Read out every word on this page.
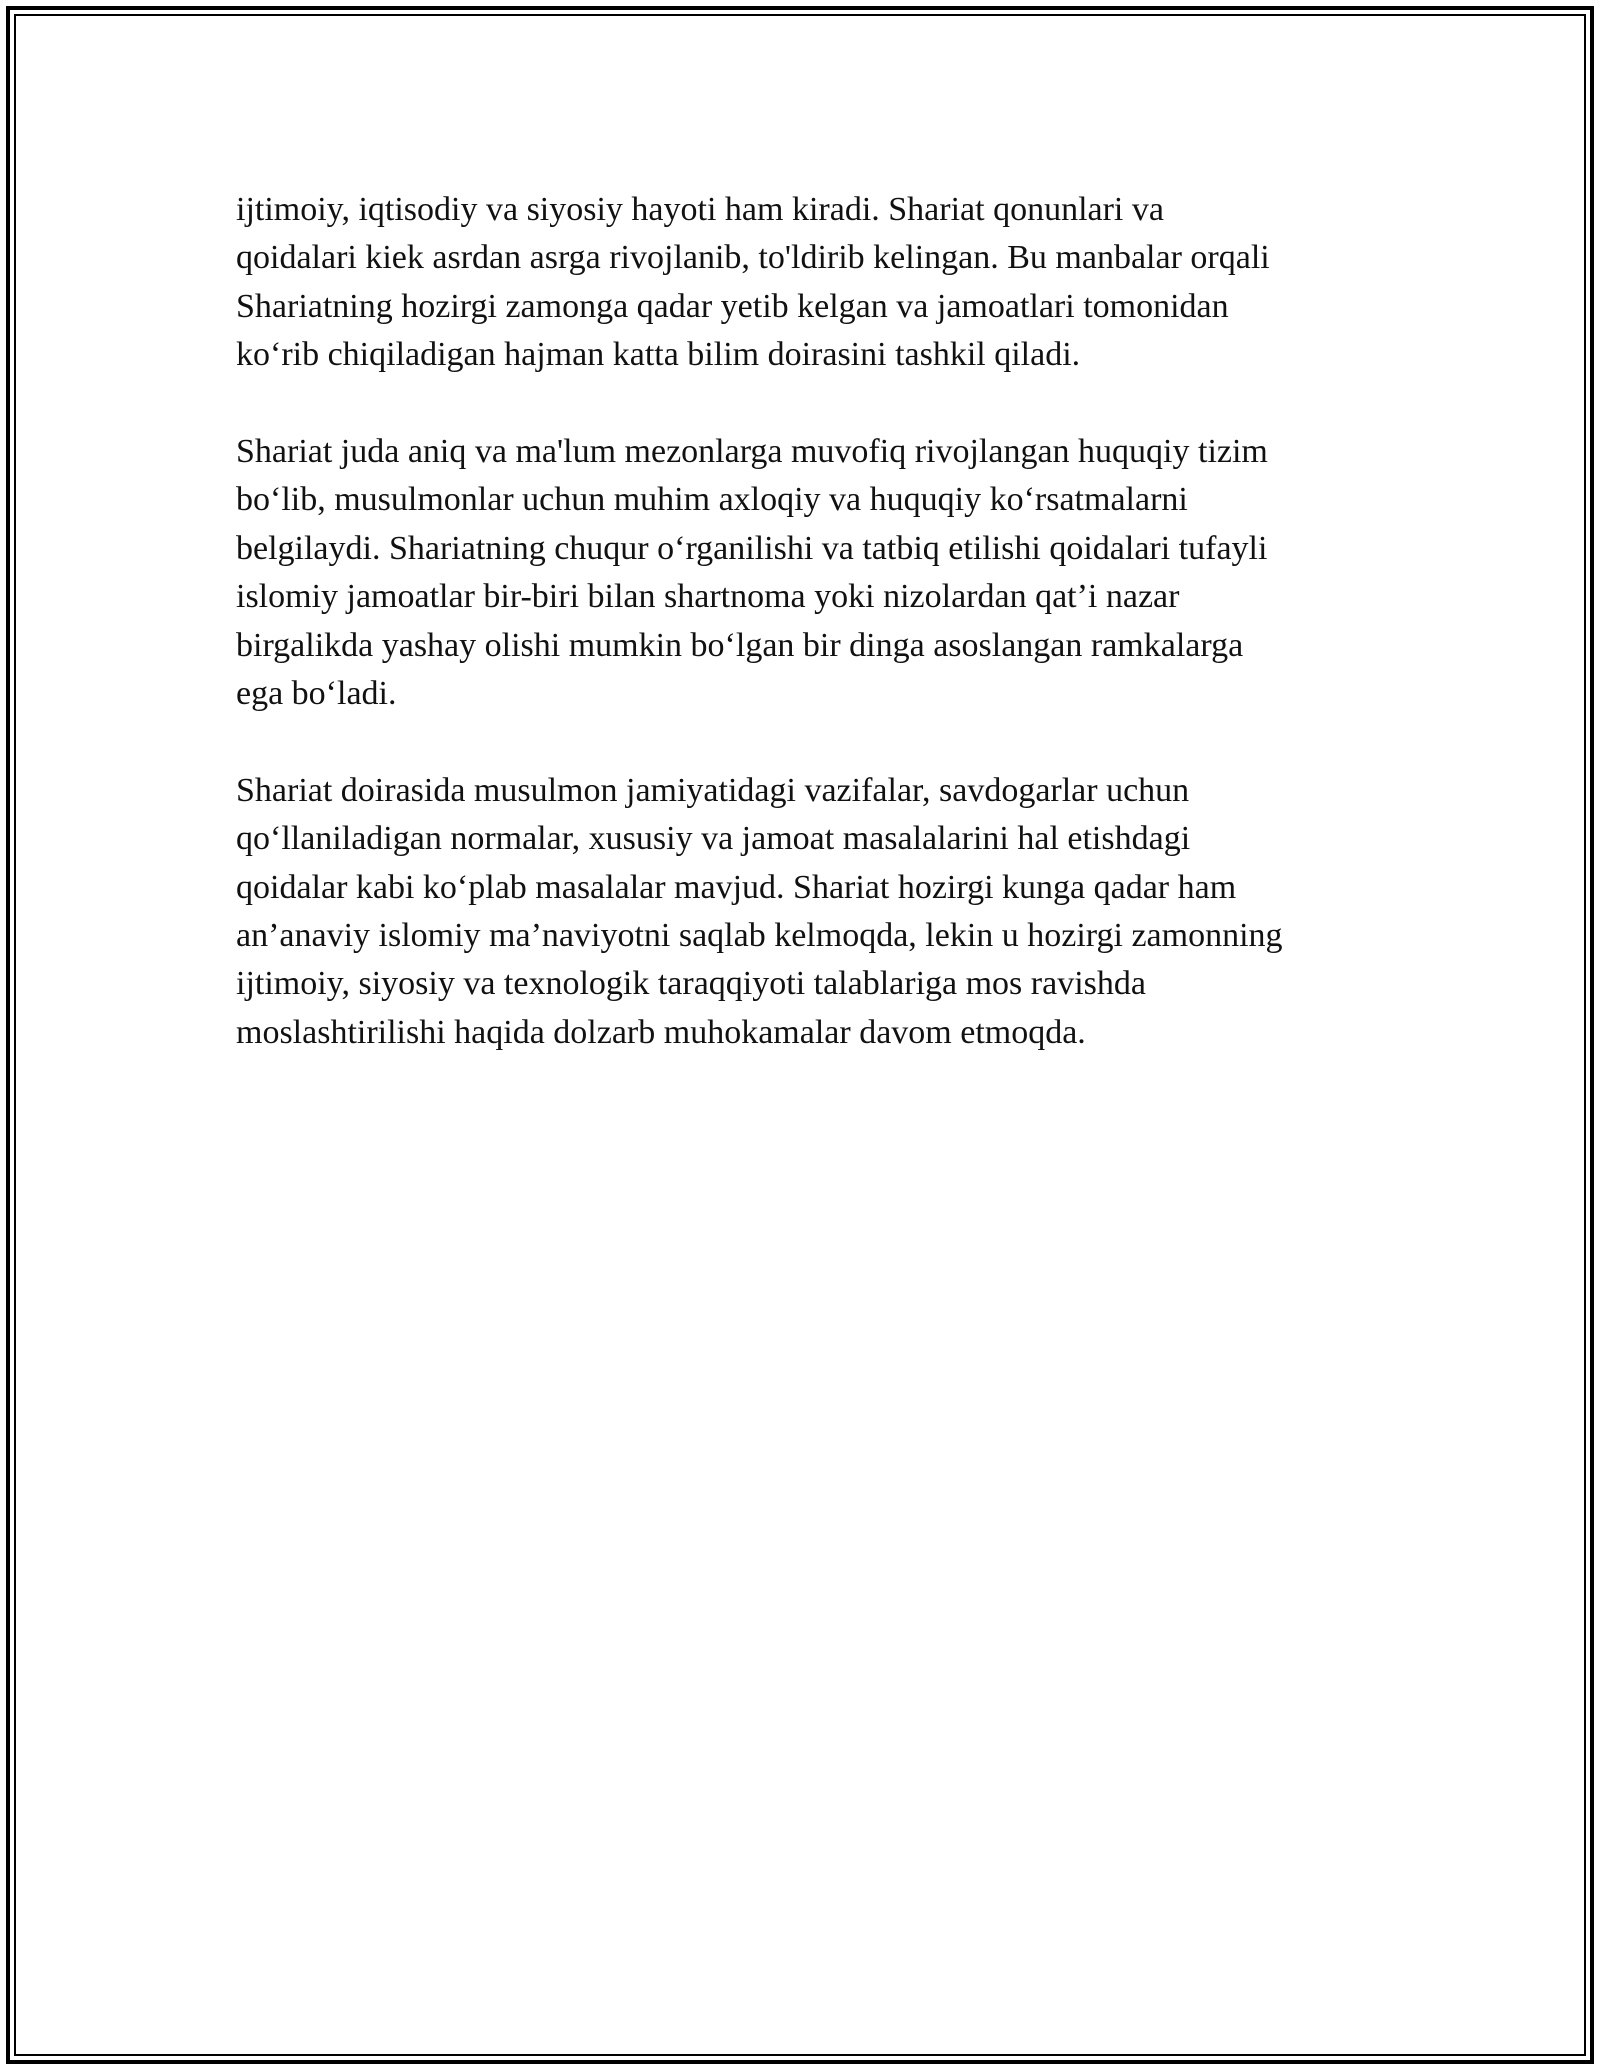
ijtimoiy, iqtisodiy va siyosiy hayoti ham kiradi. Shariat qonunlari va
qoidalari kiek asrdan asrga rivojlanib, to'ldirib kelingan. Bu manbalar orqali
Shariatning hozirgi zamonga qadar yetib kelgan va jamoatlari tomonidan
ko‘rib chiqiladigan hajman katta bilim doirasini tashkil qiladi.

Shariat juda aniq va ma'lum mezonlarga muvofiq rivojlangan huquqiy tizim
bo‘lib, musulmonlar uchun muhim axloqiy va huquqiy ko‘rsatmalarni
belgilaydi. Shariatning chuqur o‘rganilishi va tatbiq etilishi qoidalari tufayli
islomiy jamoatlar bir-biri bilan shartnoma yoki nizolardan qat’i nazar
birgalikda yashay olishi mumkin bo‘lgan bir dinga asoslangan ramkalarga
ega bo‘ladi.

Shariat doirasida musulmon jamiyatidagi vazifalar, savdogarlar uchun
qo‘llaniladigan normalar, xususiy va jamoat masalalarini hal etishdagi
qoidalar kabi ko‘plab masalalar mavjud. Shariat hozirgi kunga qadar ham
an’anaviy islomiy ma’naviyotni saqlab kelmoqda, lekin u hozirgi zamonning
ijtimoiy, siyosiy va texnologik taraqqiyoti talablariga mos ravishda
moslashtirilishi haqida dolzarb muhokamalar davom etmoqda.
